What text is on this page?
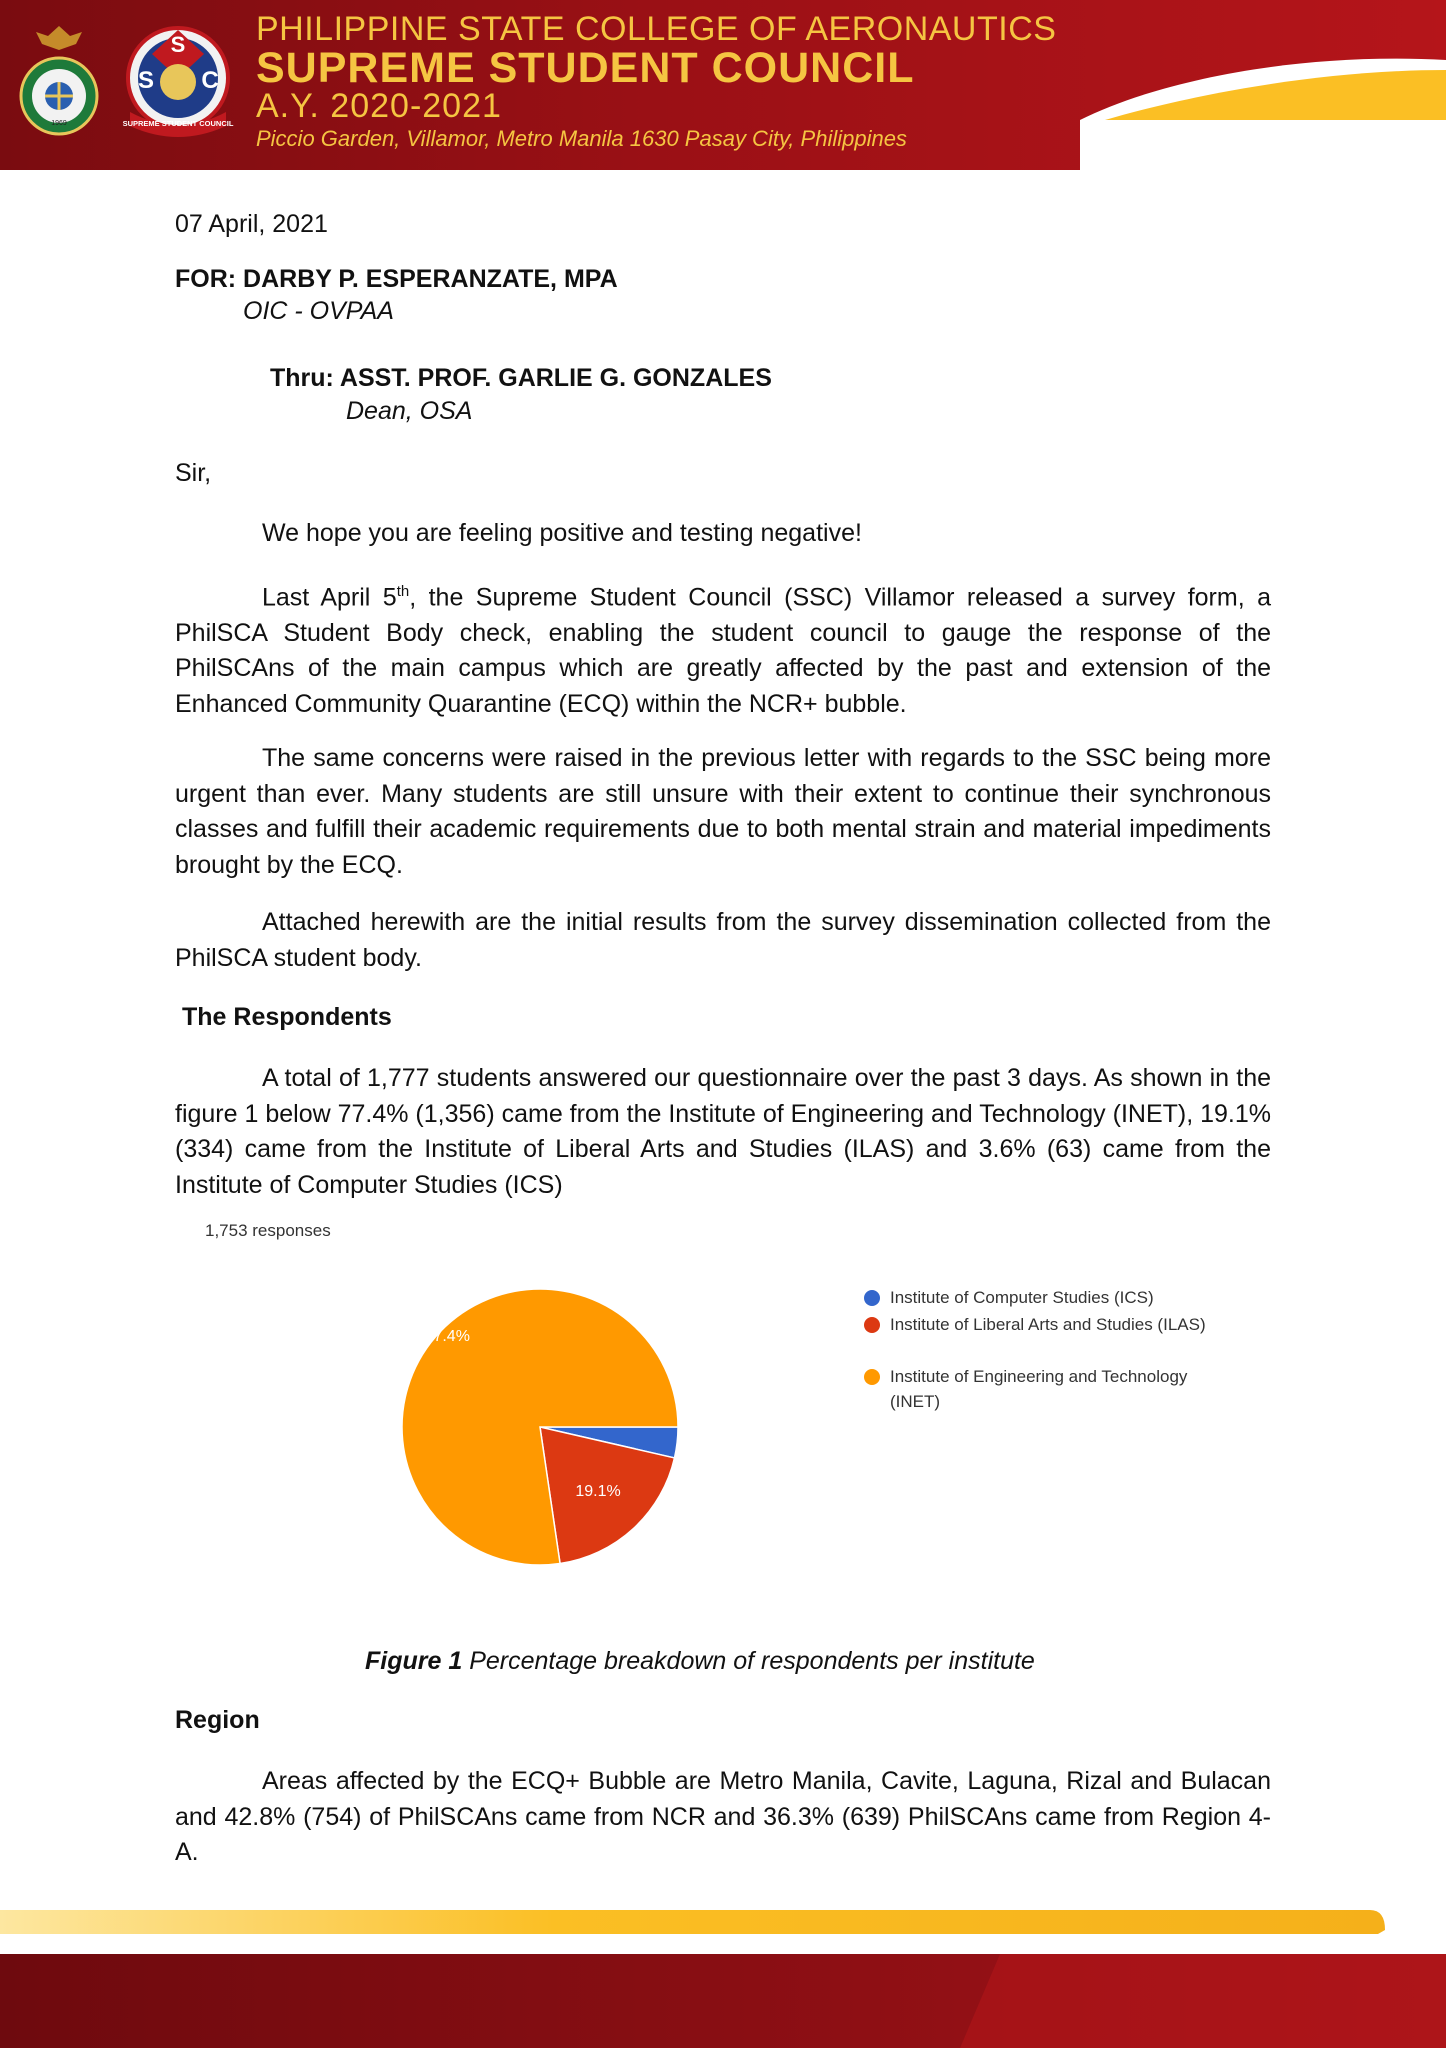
1969
S
S C
SUPREME STUDENT COUNCIL
PHILIPPINE STATE COLLEGE OF AERONAUTICS
SUPREME STUDENT COUNCIL
A.Y. 2020-2021
Piccio Garden, Villamor, Metro Manila 1630 Pasay City, Philippines
07 April, 2021
FOR: DARBY P. ESPERANZATE, MPA
OIC - OVPAA
Thru: ASST. PROF. GARLIE G. GONZALES
Dean, OSA
Sir,
We hope you are feeling positive and testing negative!
Last April 5th, the Supreme Student Council (SSC) Villamor released a survey form, a PhilSCA Student Body check, enabling the student council to gauge the response of the PhilSCAns of the main campus which are greatly affected by the past and extension of the Enhanced Community Quarantine (ECQ) within the NCR+ bubble.
The same concerns were raised in the previous letter with regards to the SSC being more urgent than ever. Many students are still unsure with their extent to continue their synchronous classes and fulfill their academic requirements due to both mental strain and material impediments brought by the ECQ.
Attached herewith are the initial results from the survey dissemination collected from the PhilSCA student body.
The Respondents
A total of 1,777 students answered our questionnaire over the past 3 days. As shown in the figure 1 below 77.4% (1,356) came from the Institute of Engineering and Technology (INET), 19.1% (334) came from the Institute of Liberal Arts and Studies (ILAS) and 3.6% (63) came from the Institute of Computer Studies (ICS)
1,753 responses
19.1%
77.4%
Institute of Computer Studies (ICS)
Institute of Liberal Arts and Studies (ILAS)
Institute of Engineering and Technology (INET)
Figure 1 Percentage breakdown of respondents per institute
Region
Areas affected by the ECQ+ Bubble are Metro Manila, Cavite, Laguna, Rizal and Bulacan and 42.8% (754) of PhilSCAns came from NCR and 36.3% (639) PhilSCAns came from Region 4-A.
